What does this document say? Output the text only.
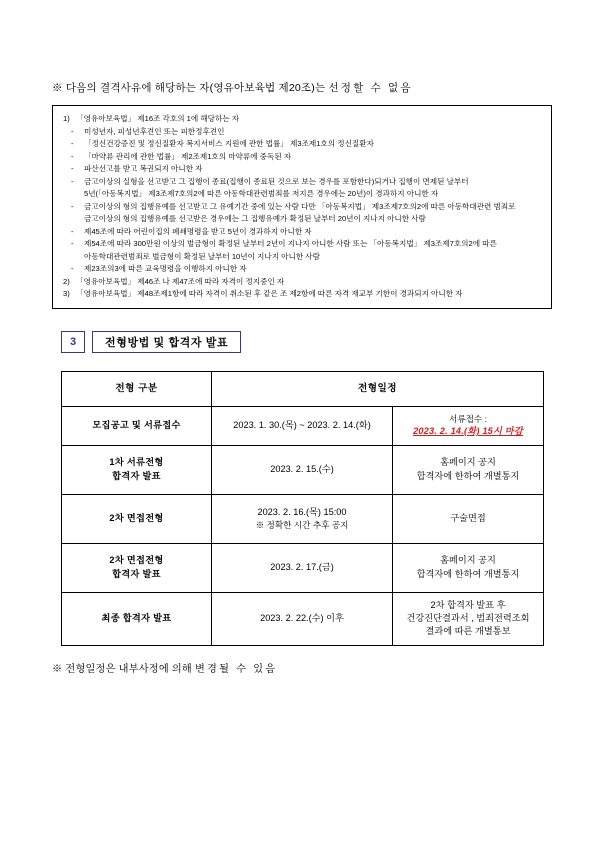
※ 다음의 결격사유에 해당하는 자(영유아보육법 제20조)는 선정할 수 없음
1) 「영유아보육법」 제16조 각호의 1에 해당하는 자
-	미성년자, 피성년후견인 또는 피한정후견인
-	「정신건강증진 및 정신질환자 복지서비스 지원에 관한 법률」 제3조제1호의 정신질환자
-	「마약류 관리에 관한 법률」 제2조제1호의 마약류에 중독된 자
-	파산선고를 받고 복권되지 아니한 자
-	금고이상의 실형을 선고받고 그 집행이 종료(집행이 종료된 것으로 보는 경우를 포함한다)되거나 집행이 면제된 날부터
5년(「아동복지법」 제3조제7호의2에 따른 아동학대관련범죄를 저지른 경우에는 20년)이 경과하지 아니한 자
-	금고이상의 형의 집행유예를 선고받고 그 유예기간 중에 있는 사람 다만 「아동복지법」 제3조제7호의2에 따른 아동학대관련 범죄로
금고이상의 형의 집행유예를 선고받은 경우에는 그 집행유예가 확정된 날부터 20년이 지나지 아니한 사람
-	제45조에 따라 어린이집의 폐쇄명령을 받고 5년이 경과하지 아니한 자
-	제54조에 따라 300만원 이상의 벌금형이 확정된 날부터 2년이 지나지 아니한 사람 또는 「아동복지법」 제3조제7호의2에 따른
아동학대관련범죄로 벌금형이 확정된 날부터 10년이 지나지 아니한 사람
-	제23조의3에 따른 교육명령을 이행하지 아니한 자
2) 「영유아보육법」 제46조 나 제47조에 따라 자격이 정지중인 자
3) 「영유아보육법」 제48조제1항에 따라 자격이 취소된 후 같은 조 제2항에 따른 자격 재교부 기한이 경과되지 아니한 자
3	전형방법 및 합격자 발표
전형 구분	전형일정	
모집공고 및 서류접수	2023. 1. 30.(목) ~ 2023. 2. 14.(화)	서류접수 :
2023. 2. 14.(화) 15시 마감

1차 서류전형
합격자 발표	2023. 2. 15.(수)	홈페이지 공지
합격자에 한하여 개별통지

2차 면접전형	2023. 2. 16.(목) 15:00
※ 정확한 시간 추후 공지	구술면접

2차 면접전형
합격자 발표	2023. 2. 17.(금)	홈페이지 공지
합격자에 한하여 개별통지

최종 합격자 발표	2023. 2. 22.(수) 이후	2차 합격자 발표 후
건강진단결과서 , 범죄전력조회
결과에 따른 개별통보
※ 전형일정은 내부사정에 의해 변경될 수 있음
